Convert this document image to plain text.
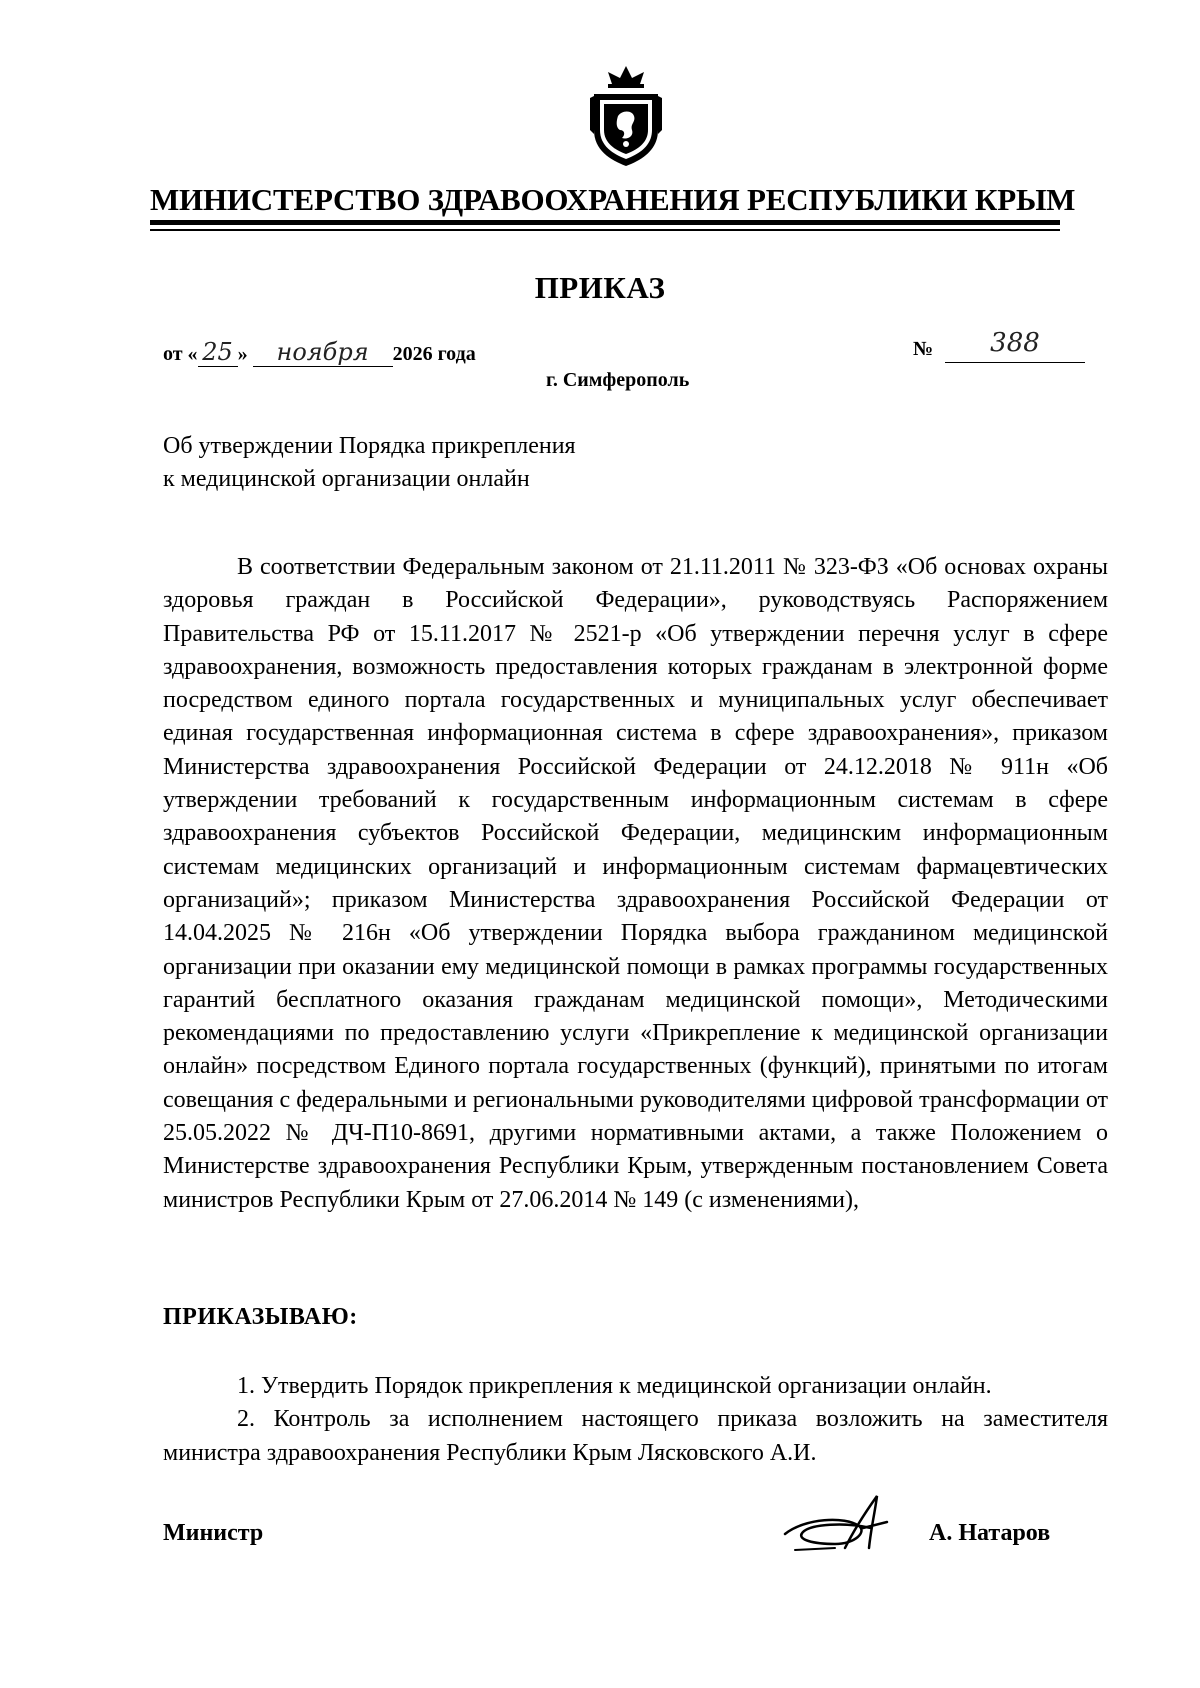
МИНИСТЕРСТВО ЗДРАВООХРАНЕНИЯ РЕСПУБЛИКИ КРЫМ
ПРИКАЗ
от « 25 » ноября 2026 года	№	388
г. Симферополь
Об утверждении Порядка прикрепления
к медицинской организации онлайн
В соответствии Федеральным законом от 21.11.2011 № 323-ФЗ «Об основах охраны здоровья граждан в Российской Федерации», руководствуясь Распоряжением Правительства РФ от 15.11.2017 № 2521-р «Об утверждении перечня услуг в сфере здравоохранения, возможность предоставления которых гражданам в электронной форме посредством единого портала государственных и муниципальных услуг обеспечивает единая государственная информационная система в сфере здравоохранения», приказом Министерства здравоохранения Российской Федерации от 24.12.2018 № 911н «Об утверждении требований к государственным информационным системам в сфере здравоохранения субъектов Российской Федерации, медицинским информационным системам медицинских организаций и информационным системам фармацевтических организаций»; приказом Министерства здравоохранения Российской Федерации от 14.04.2025 № 216н «Об утверждении Порядка выбора гражданином медицинской организации при оказании ему медицинской помощи в рамках программы государственных гарантий бесплатного оказания гражданам медицинской помощи», Методическими рекомендациями по предоставлению услуги «Прикрепление к медицинской организации онлайн» посредством Единого портала государственных (функций), принятыми по итогам совещания с федеральными и региональными руководителями цифровой трансформации от 25.05.2022 № ДЧ-П10-8691, другими нормативными актами, а также Положением о Министерстве здравоохранения Республики Крым, утвержденным постановлением Совета министров Республики Крым от 27.06.2014 № 149 (с изменениями),
ПРИКАЗЫВАЮ:

1. Утвердить Порядок прикрепления к медицинской организации онлайн.

2. Контроль за исполнением настоящего приказа возложить на заместителя министра здравоохранения Республики Крым Лясковского А.И.

Министр	А. Натаров
